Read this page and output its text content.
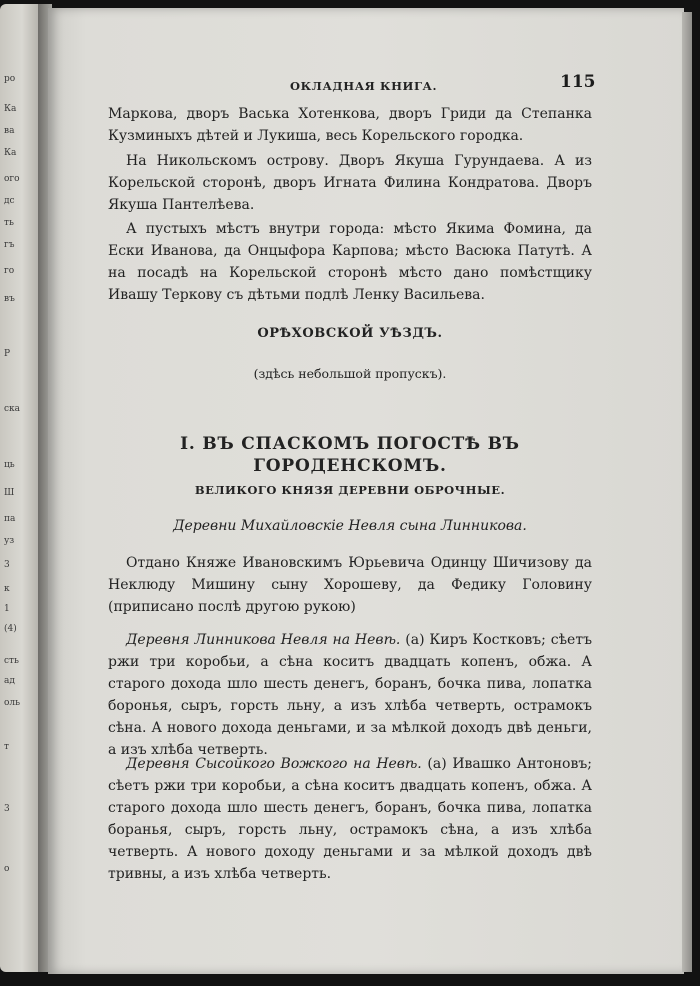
ро
Ка
ва
Ка
ого
дс
ть
гъ
го
въ
Р
ска
ць
Ш
па
уз
3
к
1
(4)
сть
ад
оль
т
3
о
ОКЛАДНАЯ КНИГА.	115

Маркова, дворъ Васька Хотенкова, дворъ Гриди да Степанка Кузминыхъ дѣтей и Лукиша, весь Корельского городка.

На Никольскомъ острову. Дворъ Якуша Гурундаева. А из Корельской сторонѣ, дворъ Игната Филина Кондратова. Дворъ Якуша Пантелѣева.

А пустыхъ мѣстъ внутри города: мѣсто Якима Фомина, да Ески Иванова, да Онцыфора Карпова; мѣсто Васюка Патутѣ. А на посадѣ на Корельской сторонѣ мѣсто дано помѣстщику Ивашу Теркову съ дѣтьми подлѣ Ленку Васильева.

ОРѢХОВСКОЙ УѢЗДЪ.
(здѣсь небольшой пропускъ).
I. ВЪ СПАСКОМЪ ПОГОСТѢ ВЪ ГОРОДЕНСКОМЪ.
ВЕЛИКОГО КНЯЗЯ ДЕРЕВНИ ОБРОЧНЫЕ.
Деревни Михайловскіе Невля сына Линникова.

Отдано Княже Ивановскимъ Юрьевича Одинцу Шичизову да Неклюду Мишину сыну Хорошеву, да Федику Головину (приписано послѣ другою рукою)

Деревня Линникова Невля на Невѣ. (а) Киръ Костковъ; сѣетъ ржи три коробьи, а сѣна коситъ двадцать копенъ, обжа. А старого дохода шло шесть денегъ, боранъ, бочка пива, лопатка боронья, сыръ, горсть льну, а изъ хлѣба четверть, остpамокъ сѣна. А нового дохода деньгами, и за мѣлкой доходъ двѣ деньги, а изъ хлѣба четверть.

Деревня Сысойкого Вожкого на Невѣ. (а) Ивашко Антоновъ; сѣетъ ржи три коробьи, а сѣна коситъ двадцать копенъ, обжа. А старого дохода шло шесть денегъ, боранъ, бочка пива, лопатка боранья, сыръ, горсть льну, остpамокъ сѣна, а изъ хлѣба четверть. А нового доходу деньгами и за мѣлкой доходъ двѣ тривны, а изъ хлѣба четверть.
